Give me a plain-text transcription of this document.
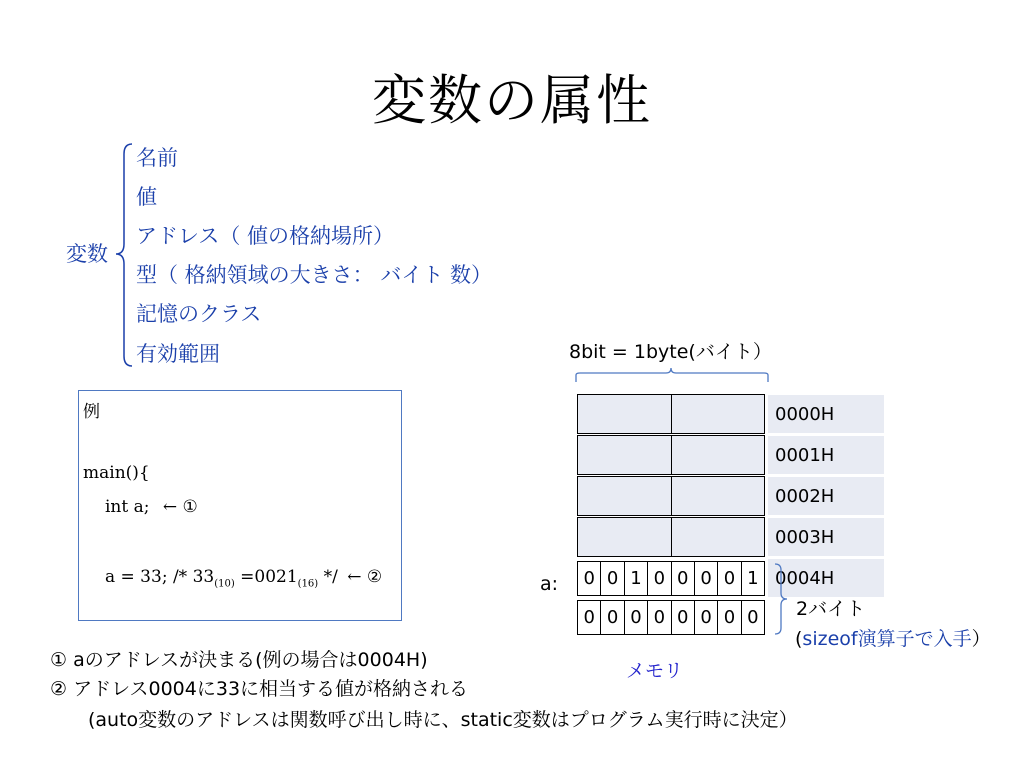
変数の属性
変数
名前
値
アドレス（ 値の格納場所）
型（ 格納領域の大きさ： バイト 数）
記憶のクラス
有効範囲
例
main(){
int a; ← ①
a = 33; /* $33_{(10)} =0021_{(16)}$ */ ← ②
8bit = 1byte(バイト）
0 0 1 0 0 0 0 1
0 0 0 0 0 0 0 0
0000H
0001H
0002H
0003H
0004H
a:
2バイト
(sizeof演算子で入手）
メモリ
① aのアドレスが決まる(例の場合は0004H)
② アドレス0004に33に相当する値が格納される
(auto変数のアドレスは関数呼び出し時に、static変数はプログラム実行時に決定）
